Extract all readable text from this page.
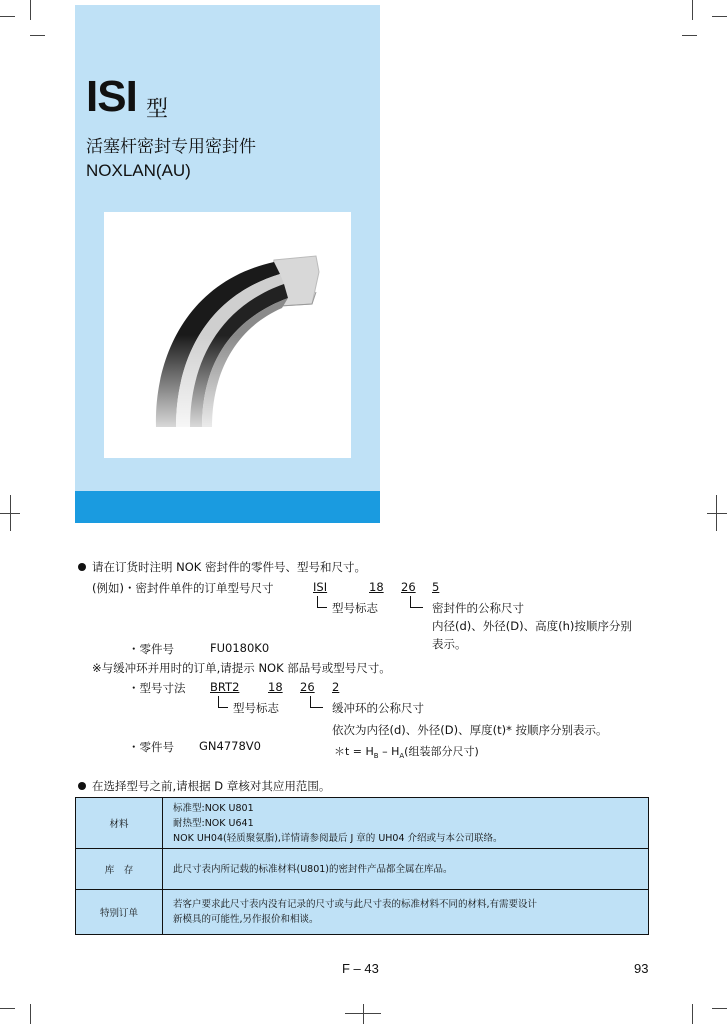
ISI 型
活塞杆密封专用密封件
NOXLAN(AU)
请在订货时注明 NOK 密封件的零件号、型号和尺寸。
(例如)・密封件单件的订单型号尺寸	ISI	18 26 5
型号标志	密封件的公称尺寸
内径(d)、外径(D)、高度(h)按顺序分别
表示。
・零件号	FU0180K0
※与缓冲环并用时的订单,请提示 NOK 部品号或型号尺寸。
・型号寸法 BRT2 18 26 2
型号标志	缓冲环的公称尺寸
依次为内径(d)、外径(D)、厚度(t)* 按顺序分别表示。
・零件号 GN4778V0	＊t = $H_B - H_A$(组装部分尺寸)
在选择型号之前,请根据 D 章核对其应用范围。
材料	标准型:NOK U801
耐热型:NOK U641
NOK UH04(轻质聚氨脂),详情请参阅最后 J 章的 UH04 介绍或与本公司联络。

库　存	此尺寸表内所记载的标准材料(U801)的密封件产品都全属在库品。

特别订单	若客户要求此尺寸表内没有记录的尺寸或与此尺寸表的标准材料不同的材料,有需要设计
新模具的可能性,另作报价和相谈。
F – 43	93
